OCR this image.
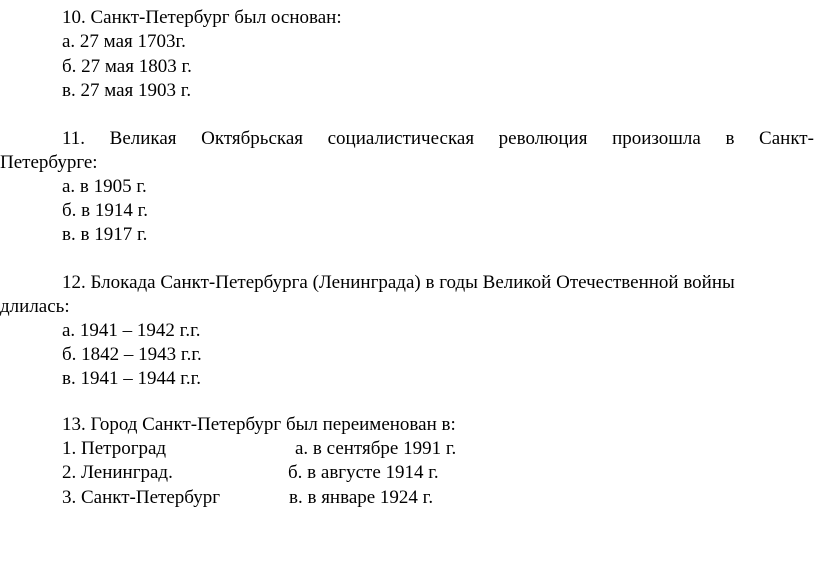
10. Санкт-Петербург был основан:
а. 27 мая 1703г.
б. 27 мая 1803 г.
в. 27 мая 1903 г.
11. Великая Октябрьская социалистическая революция произошла в Санкт-
Петербурге:
а. в 1905 г.
б. в 1914 г.
в. в 1917 г.
12. Блокада Санкт-Петербурга (Ленинграда) в годы Великой Отечественной войны
длилась:
а. 1941 – 1942 г.г.
б. 1842 – 1943 г.г.
в. 1941 – 1944 г.г.
13. Город Санкт-Петербург был переименован в:
1. Петроград	а. в сентябре 1991 г.
2. Ленинград.	б. в августе 1914 г.
3. Санкт-Петербург	в. в январе 1924 г.
